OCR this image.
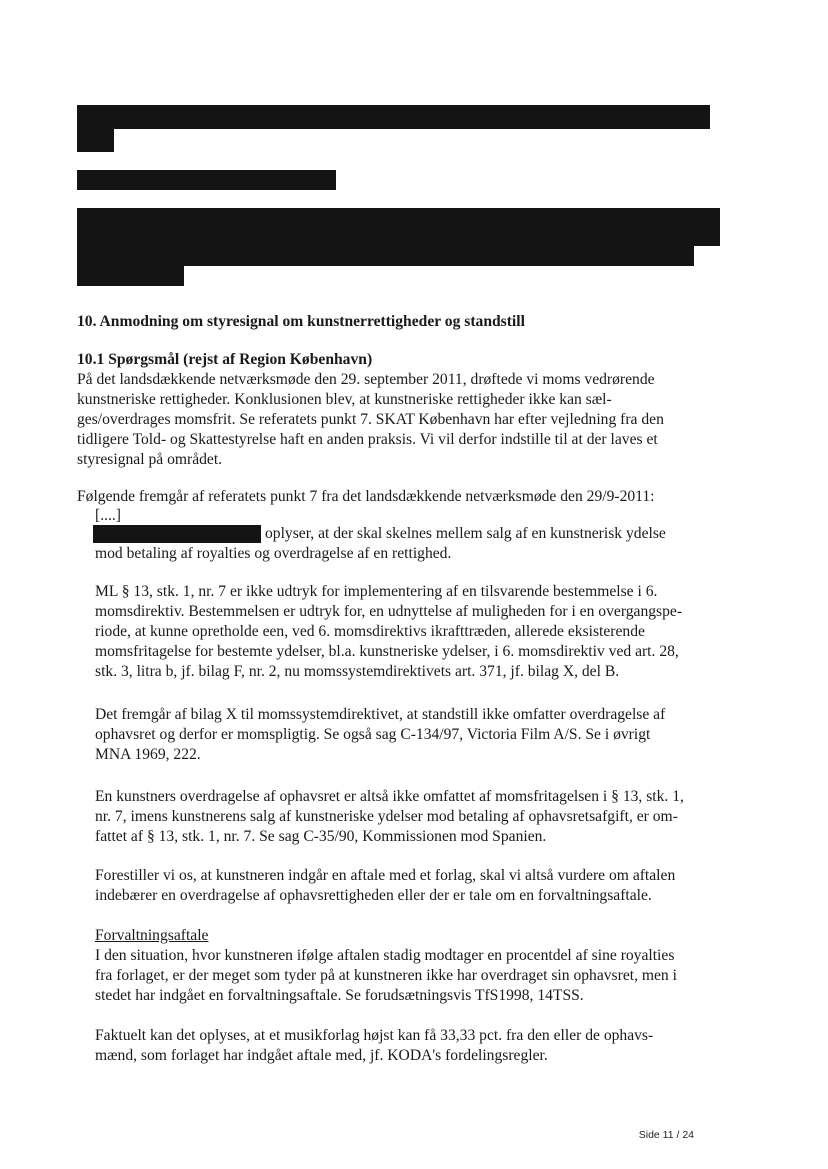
10. Anmodning om styresignal om kunstnerrettigheder og standstill
10.1 Spørgsmål (rejst af Region København)
På det landsdækkende netværksmøde den 29. september 2011, drøftede vi moms vedrørende
kunstneriske rettigheder. Konklusionen blev, at kunstneriske rettigheder ikke kan sæl-
ges/overdrages momsfrit. Se referatets punkt 7. SKAT København har efter vejledning fra den
tidligere Told- og Skattestyrelse haft en anden praksis. Vi vil derfor indstille til at der laves et
styresignal på området.
Følgende fremgår af referatets punkt 7 fra det landsdækkende netværksmøde den 29/9-2011:
[....]
oplyser, at der skal skelnes mellem salg af en kunstnerisk ydelse
mod betaling af royalties og overdragelse af en rettighed.
ML § 13, stk. 1, nr. 7 er ikke udtryk for implementering af en tilsvarende bestemmelse i 6.
momsdirektiv. Bestemmelsen er udtryk for, en udnyttelse af muligheden for i en overgangspe-
riode, at kunne opretholde een, ved 6. momsdirektivs ikrafttræden, allerede eksisterende
momsfritagelse for bestemte ydelser, bl.a. kunstneriske ydelser, i 6. momsdirektiv ved art. 28,
stk. 3, litra b, jf. bilag F, nr. 2, nu momssystemdirektivets art. 371, jf. bilag X, del B.
Det fremgår af bilag X til momssystemdirektivet, at standstill ikke omfatter overdragelse af
ophavsret og derfor er momspligtig. Se også sag C-134/97, Victoria Film A/S. Se i øvrigt
MNA 1969, 222.
En kunstners overdragelse af ophavsret er altså ikke omfattet af momsfritagelsen i § 13, stk. 1,
nr. 7, imens kunstnerens salg af kunstneriske ydelser mod betaling af ophavsretsafgift, er om-
fattet af § 13, stk. 1, nr. 7. Se sag C-35/90, Kommissionen mod Spanien.
Forestiller vi os, at kunstneren indgår en aftale med et forlag, skal vi altså vurdere om aftalen
indebærer en overdragelse af ophavsrettigheden eller der er tale om en forvaltningsaftale.
Forvaltningsaftale
I den situation, hvor kunstneren ifølge aftalen stadig modtager en procentdel af sine royalties
fra forlaget, er der meget som tyder på at kunstneren ikke har overdraget sin ophavsret, men i
stedet har indgået en forvaltningsaftale. Se forudsætningsvis TfS1998, 14TSS.
Faktuelt kan det oplyses, at et musikforlag højst kan få 33,33 pct. fra den eller de ophavs-
mænd, som forlaget har indgået aftale med, jf. KODA's fordelingsregler.
Side 11 / 24
